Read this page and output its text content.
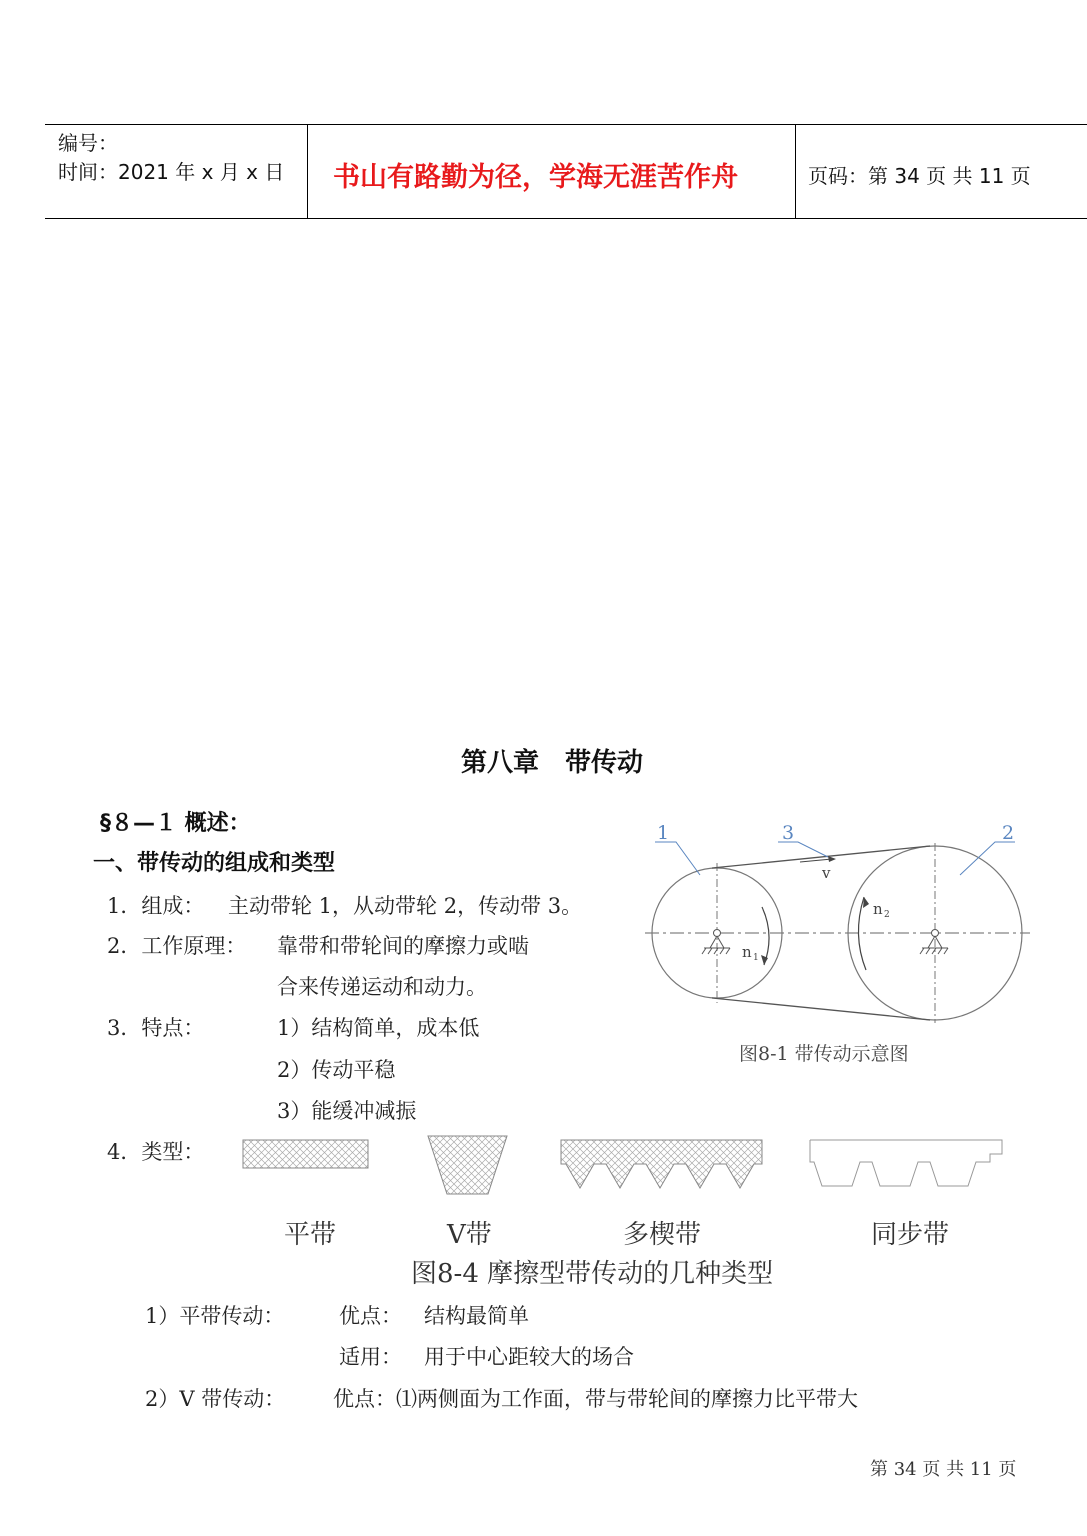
编号：
时间：2021 年 x 月 x 日 书山有路勤为径，学海无涯苦作舟	页码：第 34 页 共 11 页
第八章　带传动
§８—１ 概述：
一、带传动的组成和类型
1．组成： 主动带轮 1，从动带轮 2，传动带 3。
2．工作原理： 靠带和带轮间的摩擦力或啮
合来传递运动和动力。
3．特点：	1）结构简单，成本低
2）传动平稳
3）能缓冲减振
4．类型：
1	3	2
v
n 1
n 2
图8-1 带传动示意图
平带	V带	多楔带	同步带
图8-4 摩擦型带传动的几种类型
1）平带传动：	优点： 结构最简单
适用： 用于中心距较大的场合
2）V 带传动： 优点：⑴两侧面为工作面，带与带轮间的摩擦力比平带大
第 34 页 共 11 页
